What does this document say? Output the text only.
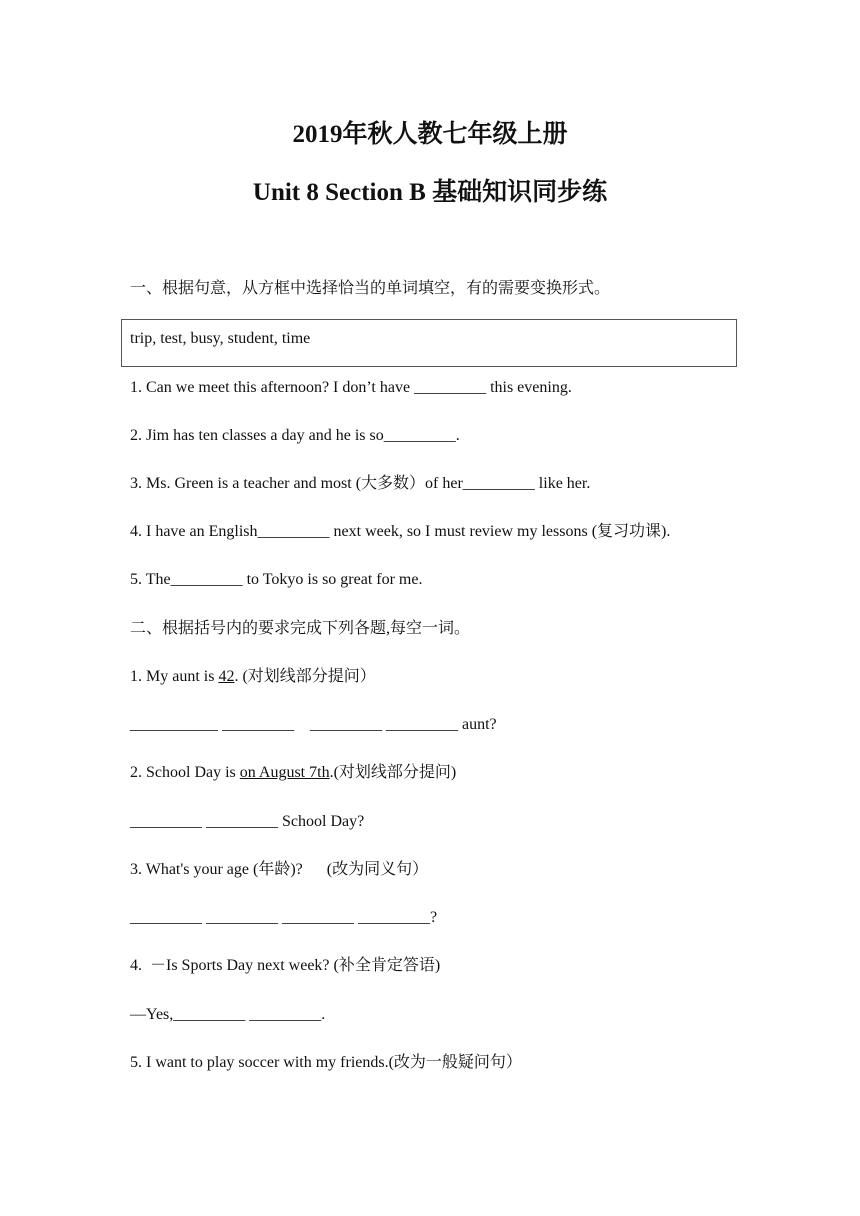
2019年秋人教七年级上册
Unit 8 Section B 基础知识同步练
一、根据句意，从方框中选择恰当的单词填空，有的需要变换形式。
trip, test, busy, student, time
1. Can we meet this afternoon? I don’t have _________ this evening.
2. Jim has ten classes a day and he is so_________.
3. Ms. Green is a teacher and most (大多数）of her_________ like her.
4. I have an English_________ next week, so I must review my lessons (复习功课).
5. The_________ to Tokyo is so great for me.
二、根据括号内的要求完成下列各题,每空一词。
1. My aunt is 42. (对划线部分提问）
___________ _________    _________ _________ aunt?
2. School Day is on August 7th.(对划线部分提问)
_________ _________ School Day?
3. What's your age (年龄)?      (改为同义句）
_________ _________ _________ _________?
4.  －Is Sports Day next week? (补全肯定答语)
—Yes,_________ _________.
5. I want to play soccer with my friends.(改为一般疑问句）
